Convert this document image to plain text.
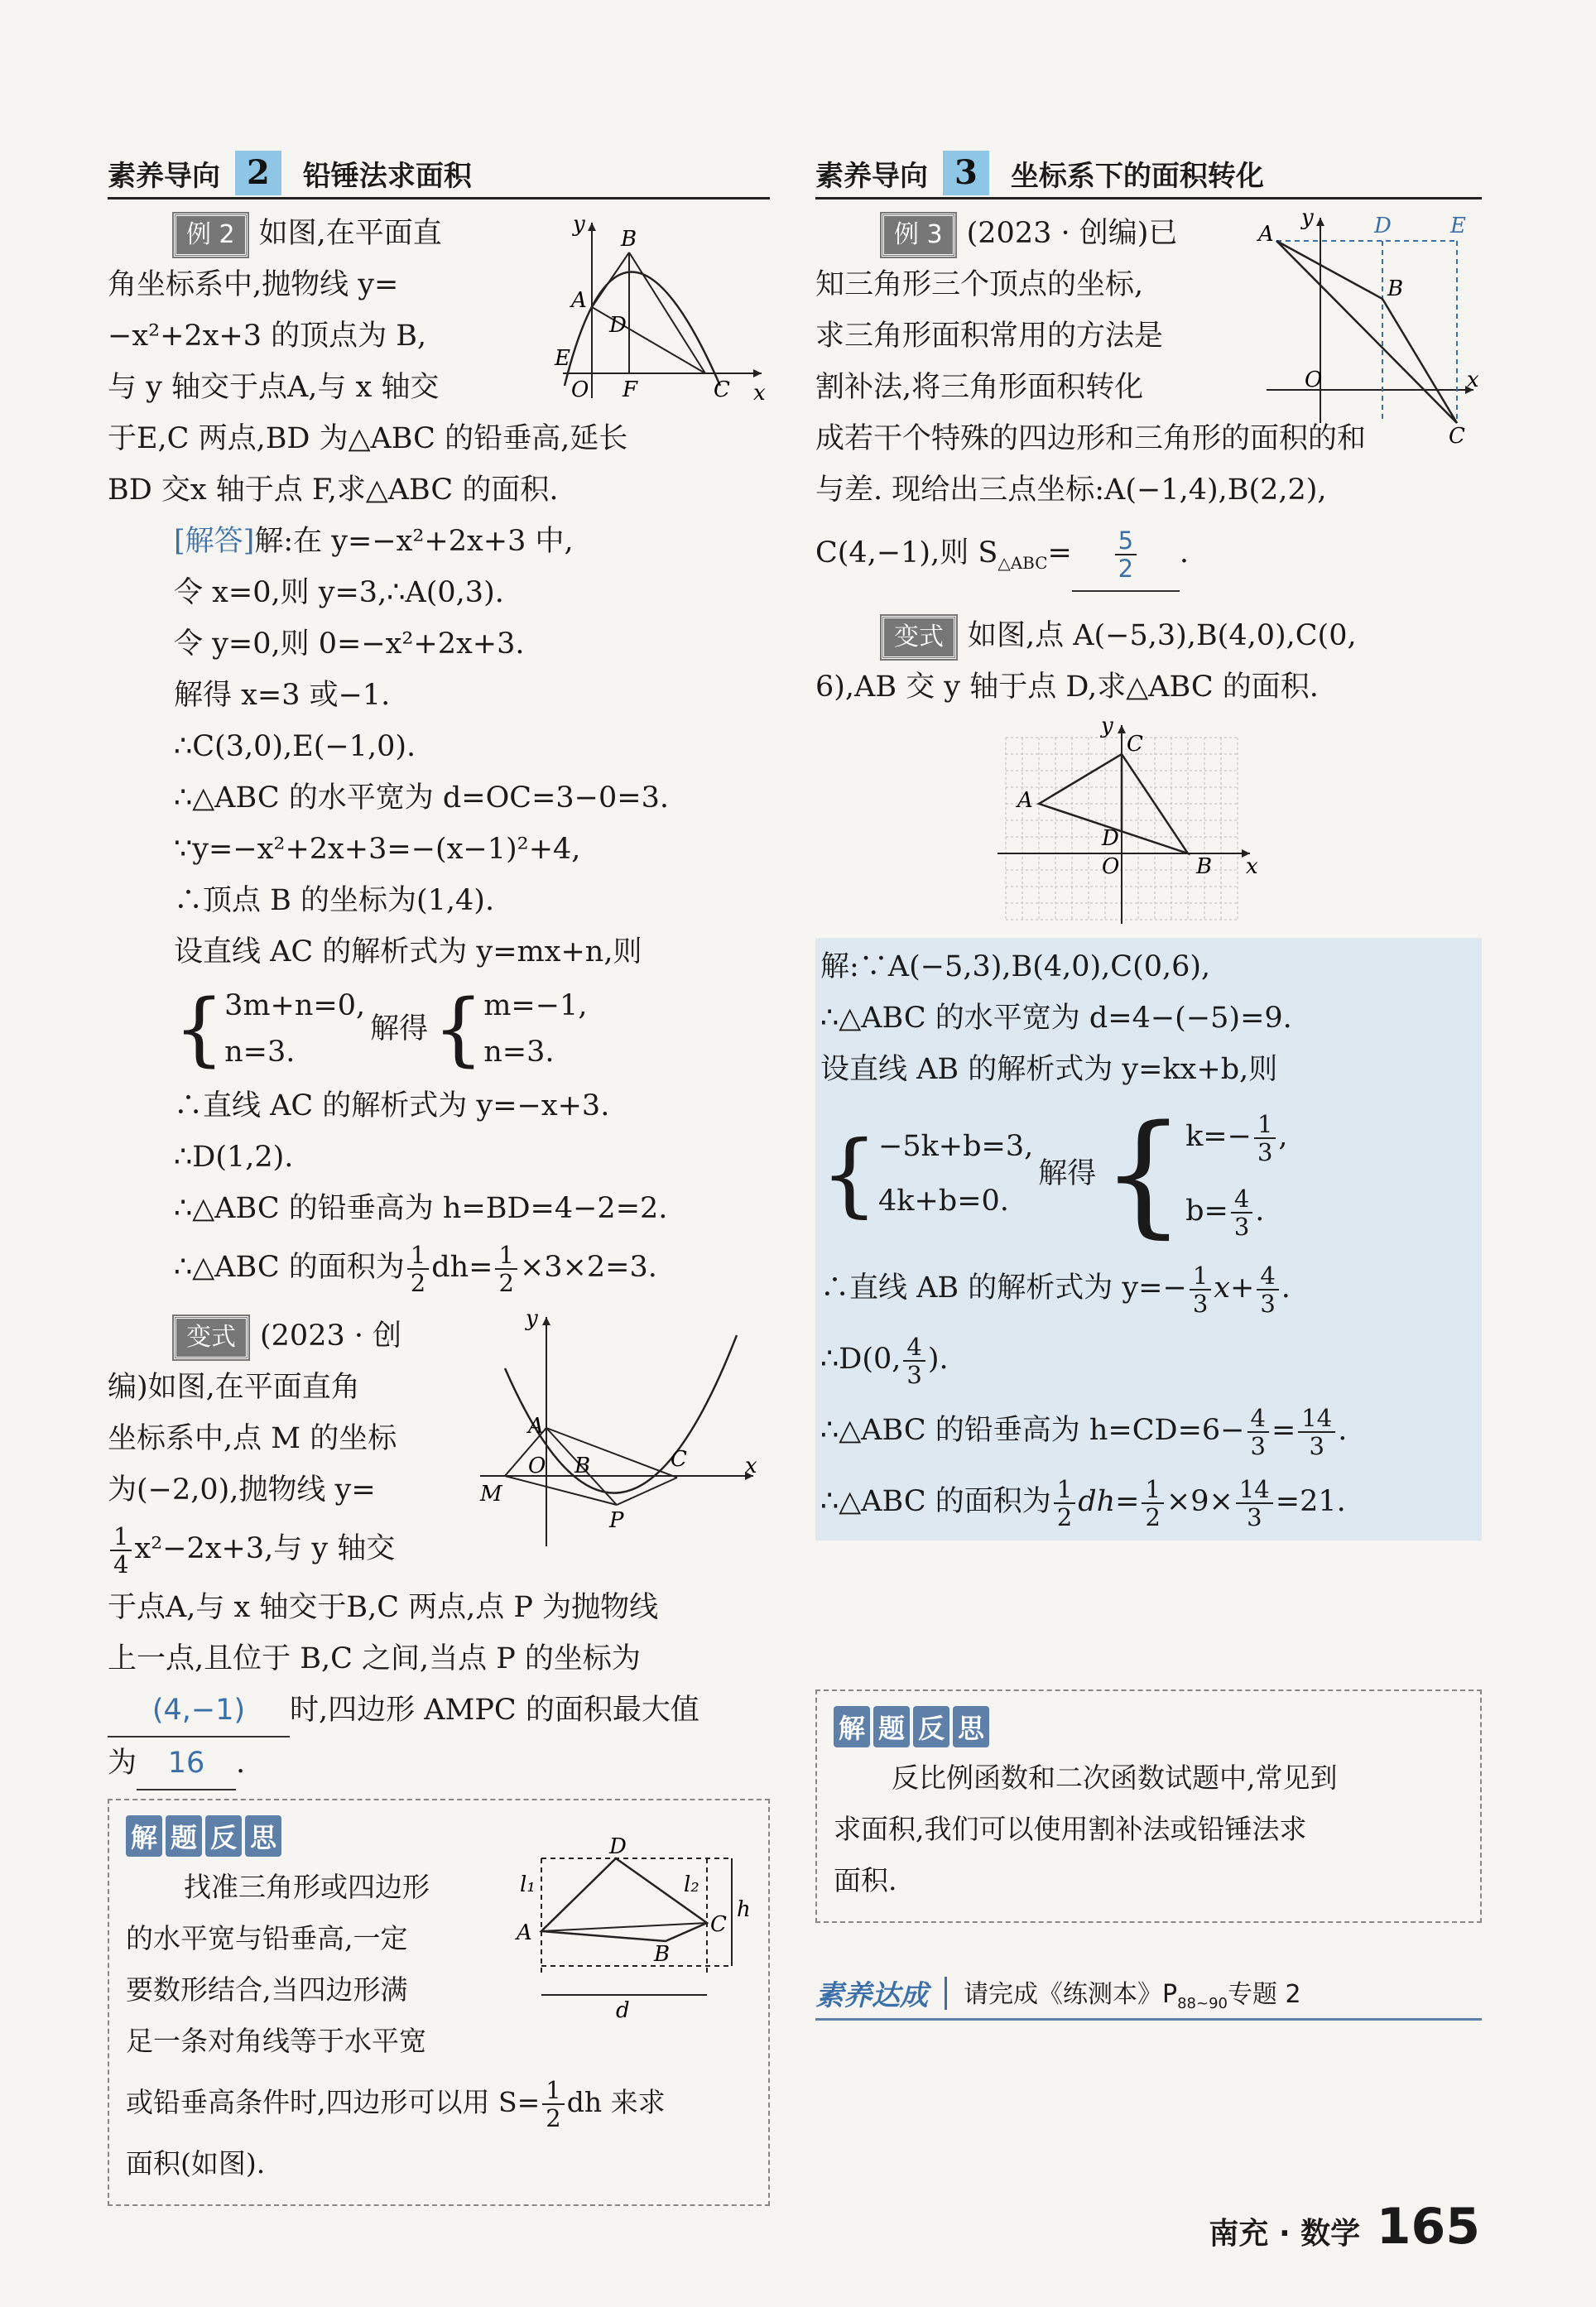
素养导向 2	铅锤法求面积
y
x
B
A
D
E
O F	C

例 2 如图,在平面直

角坐标系中,抛物线 y=

−x²+2x+3 的顶点为 B,

与 y 轴交于点A,与 x 轴交

于E,C 两点,BD 为△ABC 的铅垂高,延长

BD 交x 轴于点 F,求△ABC 的面积.

[解答]解:在 y=−x²+2x+3 中,

令 x=0,则 y=3,∴A(0,3).

令 y=0,则 0=−x²+2x+3.

解得 x=3 或−1.

∴C(3,0),E(−1,0).

∴△ABC 的水平宽为 d=OC=3−0=3.

∵y=−x²+2x+3=−(x−1)²+4,

∴顶点 B 的坐标为(1,4).

设直线 AC 的解析式为 y=mx+n,则

{ 3m+n=0,
n=3.
解得 { m=−1,
n=3.

∴直线 AC 的解析式为 y=−x+3.

∴D(1,2).

∴△ABC 的铅垂高为 h=BD=4−2=2.

∴△ABC 的面积为 $\frac{1}{2} dh= \frac{1}{2} \times 3\times 2=3$.

y
x
A
O B	C
M
P

变式 (2023 · 创

编)如图,在平面直角

坐标系中,点 M 的坐标

为(−2,0),抛物线 y=

$\frac{1}{4} x^2-2x+3$,与 y 轴交

于点A,与 x 轴交于B,C 两点,点 P 为抛物线

上一点,且位于 B,C 之间,当点 P 的坐标为

(4,−1) 时,四边形 AMPC 的面积最大值

为 16 .

解 题 反 思	D
A
B
C
l₁	l₂
h
d

找准三角形或四边形

的水平宽与铅垂高,一定

要数形结合,当四边形满

足一条对角线等于水平宽

或铅垂高条件时,四边形可以用 $S= \frac{1}{2}$ dh 来求

面积(如图).

素养导向 3	坐标系下的面积转化
y
x
A
B
C
D	E
O

例 3 (2023 · 创编)已

知三角形三个顶点的坐标,

求三角形面积常用的方法是

割补法,将三角形面积转化

成若干个特殊的四边形和三角形的面积的和

与差. 现给出三点坐标:A(−1,4),B(2,2),

C(4,−1),则 $S_{\triangle ABC}= \frac{5}{2}$ .

变式 如图,点 A(−5,3),B(4,0),C(0,

6),AB 交 y 轴于点 D,求△ABC 的面积.

y
x
A
B
C
D
O

解:∵A(−5,3),B(4,0),C(0,6),

∴△ABC 的水平宽为 d=4−(−5)=9.

设直线 AB 的解析式为 y=kx+b,则

{ −5k+b=3,
4k+b=0.
解得 { $k=- \frac{1}{3}$ ,
$b= \frac{4}{3}$ .

∴直线 AB 的解析式为 $y=- \frac{1}{3} x+ \frac{4}{3}$ .

∴D(0, $\frac{4}{3}$ ).

∴△ABC 的铅垂高为 $h=CD=6- \frac{4}{3} = \frac{14}{3}$ .

∴△ABC 的面积为 $\frac{1}{2} dh= \frac{1}{2} \times 9\times \frac{14}{3} =21$.

解 题 反 思

反比例函数和二次函数试题中,常见到

求面积,我们可以使用割补法或铅锤法求

面积.

素养达成 请完成《练测本》$P_{88\sim 90}$专题 2
南充 · 数学 165
